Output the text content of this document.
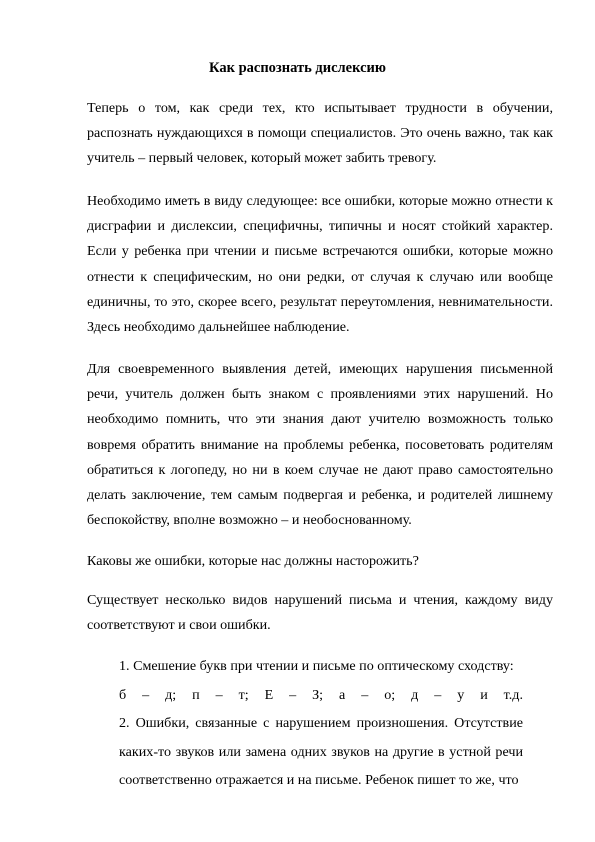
Как распознать дислексию

Теперь о том, как среди тех, кто испытывает трудности в обучении, распознать нуждающихся в помощи специалистов. Это очень важно, так как учитель – первый человек, который может забить тревогу.

Необходимо иметь в виду следующее: все ошибки, которые можно отнести к дисграфии и дислексии, специфичны, типичны и носят стойкий характер. Если у ребенка при чтении и письме встречаются ошибки, которые можно отнести к специфическим, но они редки, от случая к случаю или вообще единичны, то это, скорее всего, результат переутомления, невнимательности. Здесь необходимо дальнейшее наблюдение.

Для своевременного выявления детей, имеющих нарушения письменной речи, учитель должен быть знаком с проявлениями этих нарушений. Но необходимо помнить, что эти знания дают учителю возможность только вовремя обратить внимание на проблемы ребенка, посоветовать родителям обратиться к логопеду, но ни в коем случае не дают право самостоятельно делать заключение, тем самым подвергая и ребенка, и родителей лишнему беспокойству, вполне возможно – и необоснованному.

Каковы же ошибки, которые нас должны насторожить?

Существует несколько видов нарушений письма и чтения, каждому виду соответствуют и свои ошибки.

1. Смешение букв при чтении и письме по оптическому сходству:
б – д; п – т; Е – З; а – о; д – у и т.д.

2. Ошибки, связанные с нарушением произношения. Отсутствие каких-то звуков или замена одних звуков на другие в устной речи соответственно отражается и на письме. Ребенок пишет то же, что
